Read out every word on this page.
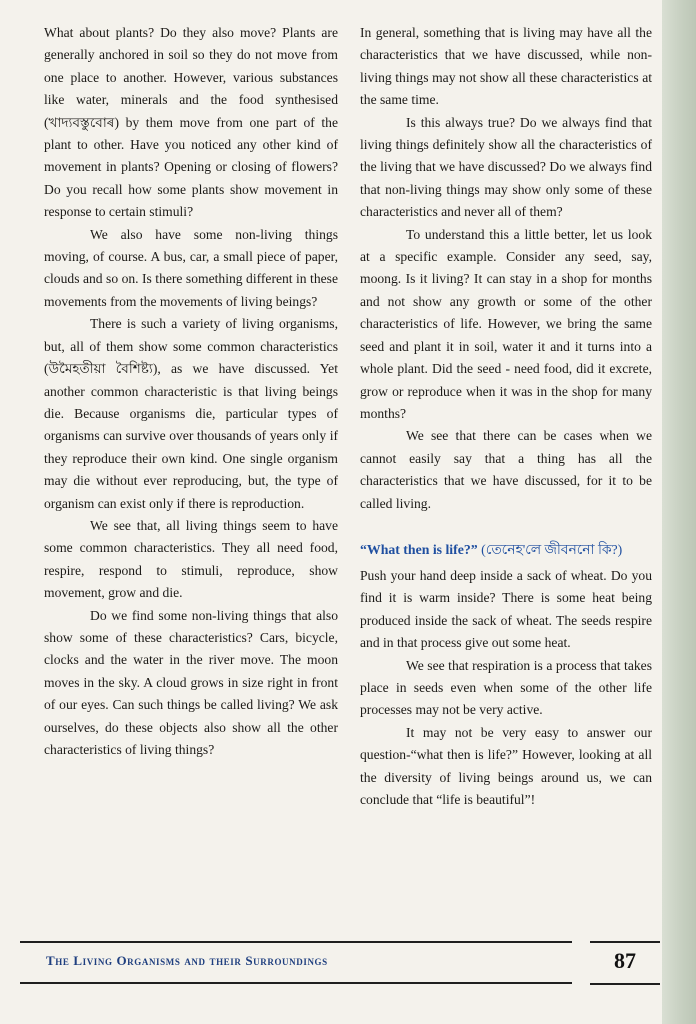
What about plants? Do they also move? Plants are generally anchored in soil so they do not move from one place to another. However, various substances like water, minerals and the food synthesised (খাদ্যবস্তুবোৰ) by them move from one part of the plant to other. Have you noticed any other kind of movement in plants? Opening or closing of flowers? Do you recall how some plants show movement in response to certain stimuli?

We also have some non-living things moving, of course. A bus, car, a small piece of paper, clouds and so on. Is there something different in these movements from the movements of living beings?

There is such a variety of living organisms, but, all of them show some common characteristics (উমৈহতীয়া বৈশিষ্ট্য), as we have discussed. Yet another common characteristic is that living beings die. Because organisms die, particular types of organisms can survive over thousands of years only if they reproduce their own kind. One single organism may die without ever reproducing, but, the type of organism can exist only if there is reproduction.

We see that, all living things seem to have some common characteristics. They all need food, respire, respond to stimuli, reproduce, show movement, grow and die.

Do we find some non-living things that also show some of these characteristics? Cars, bicycle, clocks and the water in the river move. The moon moves in the sky. A cloud grows in size right in front of our eyes. Can such things be called living? We ask ourselves, do these objects also show all the other characteristics of living things?

In general, something that is living may have all the characteristics that we have discussed, while non-living things may not show all these characteristics at the same time.

Is this always true? Do we always find that living things definitely show all the characteristics of the living that we have discussed? Do we always find that non-living things may show only some of these characteristics and never all of them?

To understand this a little better, let us look at a specific example. Consider any seed, say, moong. Is it living? It can stay in a shop for months and not show any growth or some of the other characteristics of life. However, we bring the same seed and plant it in soil, water it and it turns into a whole plant. Did the seed - need food, did it excrete, grow or reproduce when it was in the shop for many months?

We see that there can be cases when we cannot easily say that a thing has all the characteristics that we have discussed, for it to be called living.

“What then is life?” (তেনেহ'লে জীবননো কি?)

Push your hand deep inside a sack of wheat. Do you find it is warm inside? There is some heat being produced inside the sack of wheat. The seeds respire and in that process give out some heat.

We see that respiration is a process that takes place in seeds even when some of the other life processes may not be very active.

It may not be very easy to answer our question-“what then is life?” However, looking at all the diversity of living beings around us, we can conclude that “life is beautiful”!

The Living Organisms and their Surroundings	87
